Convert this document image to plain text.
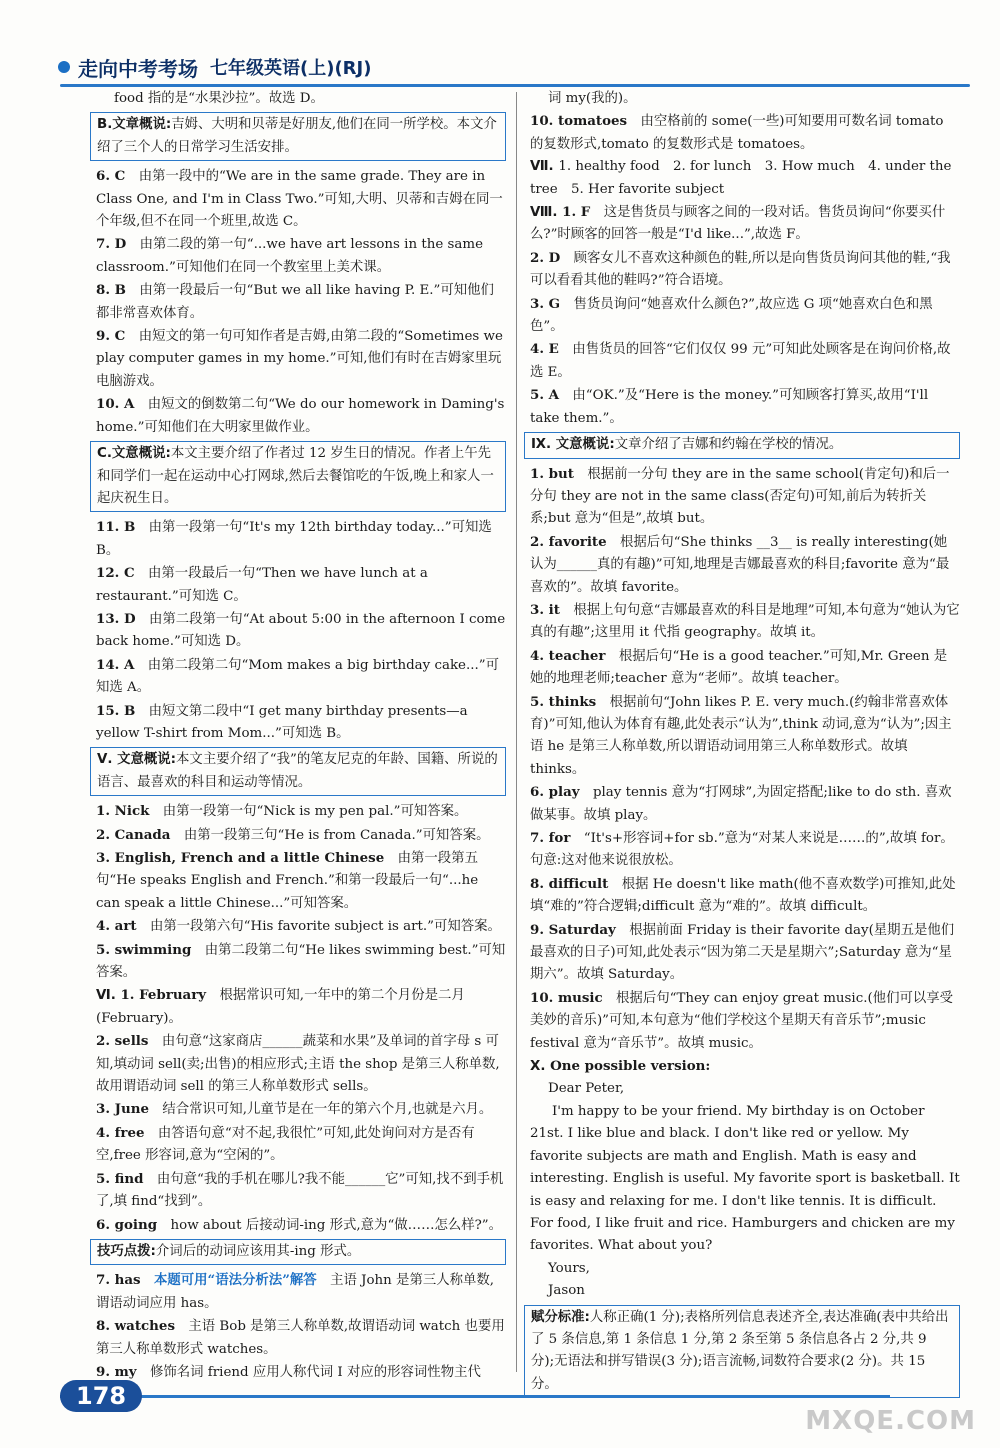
走向中考考场 七年级英语(上)(RJ)

food 指的是“水果沙拉”。故选 D。

B.文章概说:吉姆、大明和贝蒂是好朋友,他们在同一所学校。本文介绍了三个人的日常学习生活安排。

6. C　由第一段中的“We are in the same grade. They are in Class One, and I'm in Class Two.”可知,大明、贝蒂和吉姆在同一个年级,但不在同一个班里,故选 C。

7. D　由第二段的第一句“...we have art lessons in the same classroom.”可知他们在同一个教室里上美术课。

8. B　由第一段最后一句“But we all like having P. E.”可知他们都非常喜欢体育。

9. C　由短文的第一句可知作者是吉姆,由第二段的“Sometimes we play computer games in my home.”可知,他们有时在吉姆家里玩电脑游戏。

10. A　由短文的倒数第二句“We do our homework in Daming's home.”可知他们在大明家里做作业。

C.文意概说:本文主要介绍了作者过 12 岁生日的情况。作者上午先和同学们一起在运动中心打网球,然后去餐馆吃的午饭,晚上和家人一起庆祝生日。

11. B　由第一段第一句“It's my 12th birthday today...”可知选 B。

12. C　由第一段最后一句“Then we have lunch at a restaurant.”可知选 C。

13. D　由第二段第一句“At about 5:00 in the afternoon I come back home.”可知选 D。

14. A　由第二段第二句“Mom makes a big birthday cake...”可知选 A。

15. B　由短文第二段中“I get many birthday presents—a yellow T-shirt from Mom...”可知选 B。

Ⅴ. 文意概说:本文主要介绍了“我”的笔友尼克的年龄、国籍、所说的语言、最喜欢的科目和运动等情况。

1. Nick　由第一段第一句“Nick is my pen pal.”可知答案。

2. Canada　由第一段第三句“He is from Canada.”可知答案。

3. English, French and a little Chinese　由第一段第五句“He speaks English and French.”和第一段最后一句“...he can speak a little Chinese...”可知答案。

4. art　由第一段第六句“His favorite subject is art.”可知答案。

5. swimming　由第二段第二句“He likes swimming best.”可知答案。

Ⅵ. 1. February　根据常识可知,一年中的第二个月份是二月(February)。

2. sells　由句意“这家商店______蔬菜和水果”及单词的首字母 s 可知,填动词 sell(卖;出售)的相应形式;主语 the shop 是第三人称单数,故用谓语动词 sell 的第三人称单数形式 sells。

3. June　结合常识可知,儿童节是在一年的第六个月,也就是六月。

4. free　由答语句意“对不起,我很忙”可知,此处询问对方是否有空,free 形容词,意为“空闲的”。

5. find　由句意“我的手机在哪儿?我不能______它”可知,找不到手机了,填 find“找到”。

6. going　how about 后接动词-ing 形式,意为“做……怎么样?”。

技巧点拨:介词后的动词应该用其-ing 形式。

7. has　本题可用“语法分析法”解答　主语 John 是第三人称单数,谓语动词应用 has。

8. watches　主语 Bob 是第三人称单数,故谓语动词 watch 也要用第三人称单数形式 watches。

9. my　修饰名词 friend 应用人称代词 I 对应的形容词性物主代

词 my(我的)。

10. tomatoes　由空格前的 some(一些)可知要用可数名词 tomato 的复数形式,tomato 的复数形式是 tomatoes。

Ⅶ. 1. healthy food　2. for lunch　3. How much　4. under the tree　5. Her favorite subject

Ⅷ. 1. F　这是售货员与顾客之间的一段对话。售货员询问“你要买什么?”时顾客的回答一般是“I'd like...”,故选 F。

2. D　顾客女儿不喜欢这种颜色的鞋,所以是向售货员询问其他的鞋,“我可以看看其他的鞋吗?”符合语境。

3. G　售货员询问“她喜欢什么颜色?”,故应选 G 项“她喜欢白色和黑色”。

4. E　由售货员的回答“它们仅仅 99 元”可知此处顾客是在询问价格,故选 E。

5. A　由“OK.”及“Here is the money.”可知顾客打算买,故用“I'll take them.”。

Ⅸ. 文意概说:文章介绍了吉娜和约翰在学校的情况。

1. but　根据前一分句 they are in the same school(肯定句)和后一分句 they are not in the same class(否定句)可知,前后为转折关系;but 意为“但是”,故填 but。

2. favorite　根据后句“She thinks __3__ is really interesting(她认为______真的有趣)”可知,地理是吉娜最喜欢的科目;favorite 意为“最喜欢的”。故填 favorite。

3. it　根据上句句意“吉娜最喜欢的科目是地理”可知,本句意为“她认为它真的有趣”;这里用 it 代指 geography。故填 it。

4. teacher　根据后句“He is a good teacher.”可知,Mr. Green 是她的地理老师;teacher 意为“老师”。故填 teacher。

5. thinks　根据前句“John likes P. E. very much.(约翰非常喜欢体育)”可知,他认为体育有趣,此处表示“认为”,think 动词,意为“认为”;因主语 he 是第三人称单数,所以谓语动词用第三人称单数形式。故填 thinks。

6. play　play tennis 意为“打网球”,为固定搭配;like to do sth. 喜欢做某事。故填 play。

7. for　“It's+形容词+for sb.”意为“对某人来说是……的”,故填 for。句意:这对他来说很放松。

8. difficult　根据 He doesn't like math(他不喜欢数学)可推知,此处填“难的”符合逻辑;difficult 意为“难的”。故填 difficult。

9. Saturday　根据前面 Friday is their favorite day(星期五是他们最喜欢的日子)可知,此处表示“因为第二天是星期六”;Saturday 意为“星期六”。故填 Saturday。

10. music　根据后句“They can enjoy great music.(他们可以享受美妙的音乐)”可知,本句意为“他们学校这个星期天有音乐节”;music festival 意为“音乐节”。故填 music。

Ⅹ. One possible version:　

Dear Peter,

I'm happy to be your friend. My birthday is on October 21st. I like blue and black. I don't like red or yellow. My favorite subjects are math and English. Math is easy and interesting. English is useful. My favorite sport is basketball. It is easy and relaxing for me. I don't like tennis. It is difficult. For food, I like fruit and rice. Hamburgers and chicken are my favorites. What about you?

Yours,

Jason

赋分标准:人称正确(1 分);表格所列信息表述齐全,表达准确(表中共给出了 5 条信息,第 1 条信息 1 分,第 2 条至第 5 条信息各占 2 分,共 9 分);无语法和拼写错误(3 分);语言流畅,词数符合要求(2 分)。共 15 分。
178
MXQE.COM
